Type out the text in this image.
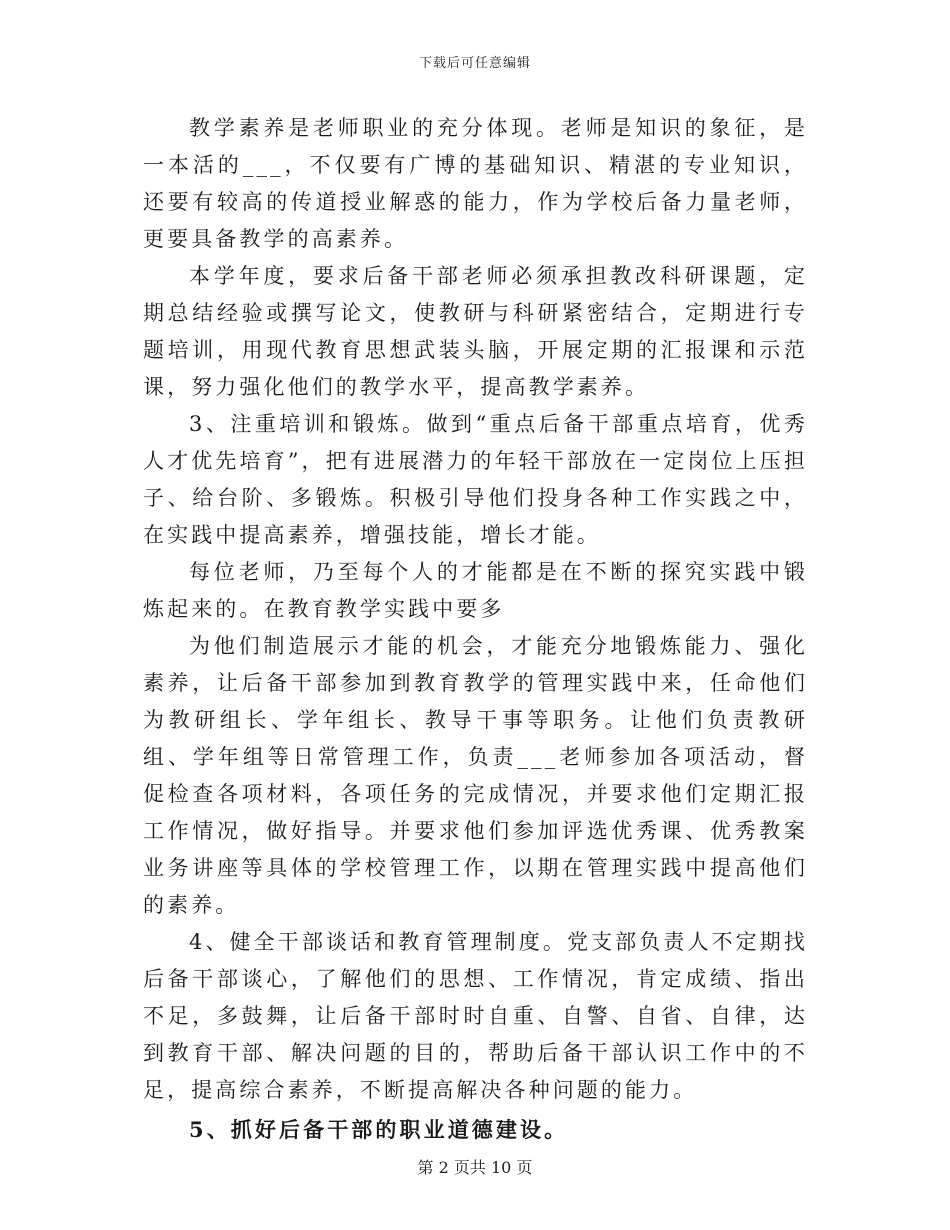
下载后可任意编辑

教学素养是老师职业的充分体现。老师是知识的象征，是一本活的___，不仅要有广博的基础知识、精湛的专业知识，还要有较高的传道授业解惑的能力，作为学校后备力量老师，更要具备教学的高素养。

本学年度，要求后备干部老师必须承担教改科研课题，定期总结经验或撰写论文，使教研与科研紧密结合，定期进行专题培训，用现代教育思想武装头脑，开展定期的汇报课和示范课，努力强化他们的教学水平，提高教学素养。

3、注重培训和锻炼。做到“重点后备干部重点培育，优秀人才优先培育”，把有进展潜力的年轻干部放在一定岗位上压担子、给台阶、多锻炼。积极引导他们投身各种工作实践之中，在实践中提高素养，增强技能，增长才能。

每位老师，乃至每个人的才能都是在不断的探究实践中锻炼起来的。在教育教学实践中要多

为他们制造展示才能的机会，才能充分地锻炼能力、强化素养，让后备干部参加到教育教学的管理实践中来，任命他们为教研组长、学年组长、教导干事等职务。让他们负责教研组、学年组等日常管理工作，负责___老师参加各项活动，督促检查各项材料，各项任务的完成情况，并要求他们定期汇报工作情况，做好指导。并要求他们参加评选优秀课、优秀教案业务讲座等具体的学校管理工作，以期在管理实践中提高他们的素养。

4、健全干部谈话和教育管理制度。党支部负责人不定期找后备干部谈心，了解他们的思想、工作情况，肯定成绩、指出不足，多鼓舞，让后备干部时时自重、自警、自省、自律，达到教育干部、解决问题的目的，帮助后备干部认识工作中的不足，提高综合素养，不断提高解决各种问题的能力。

5、抓好后备干部的职业道德建设。

第 2 页共 10 页
